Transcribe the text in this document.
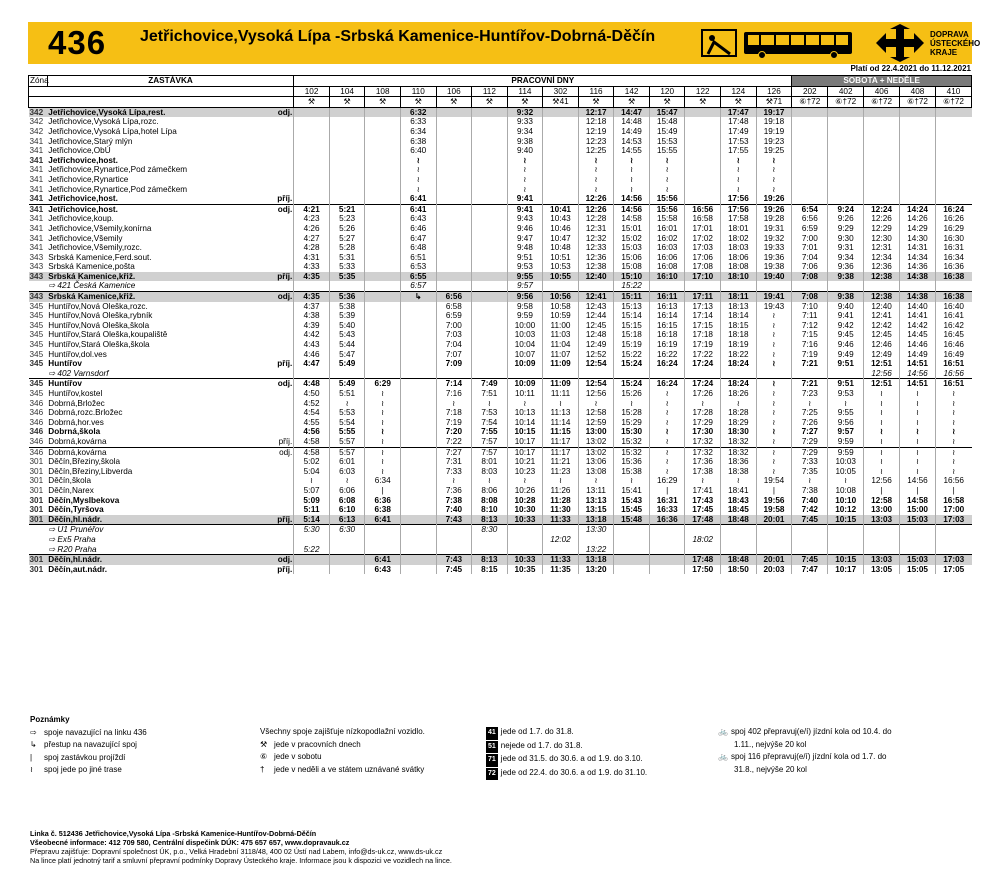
436 Jetřichovice,Vysoká Lípa -Srbská Kamenice-Huntířov-Dobrná-Děčín	DOPRAVA
ÚSTECKÉHO
KRAJE
Platí od 22.4.2021 do 11.12.2021
Zóna	ZASTÁVKA		PRACOVNÍ DNY														SOBOTA + NEDĚLE				
			102	104	108	110	106	112	114	302	116	142	120	122	124	126	202	402	406	408	410
			⚒	⚒	⚒	⚒	⚒	⚒	⚒	⚒41	⚒	⚒	⚒	⚒	⚒	⚒71	⑥†72	⑥†72	⑥†72	⑥†72	⑥†72
342	Jetřichovice,Vysoká Lípa,rest.	odj.				6:32			9:32		12:17	14:47	15:47		17:47	19:17					
342	Jetřichovice,Vysoká Lípa,rozc.					6:33			9:33		12:18	14:48	15:48		17:48	19:18					
342	Jetřichovice,Vysoká Lípa,hotel Lípa					6:34			9:34		12:19	14:49	15:49		17:49	19:19					
341	Jetřichovice,Starý mlýn					6:38			9:38		12:23	14:53	15:53		17:53	19:23					
341	Jetřichovice,ObÚ					6:40			9:40		12:25	14:55	15:55		17:55	19:25					
341	Jetřichovice,host.					≀			≀		≀	≀	≀		≀	≀					
341	Jetřichovice,Rynartice,Pod zámečkem					≀			≀		≀	≀	≀		≀	≀					
341	Jetřichovice,Rynartice					≀			≀		≀	≀	≀		≀	≀					
341	Jetřichovice,Rynartice,Pod zámečkem					≀			≀		≀	≀	≀		≀	≀					
341	Jetřichovice,host.	příj.				6:41			9:41		12:26	14:56	15:56		17:56	19:26					
341	Jetřichovice,host.	odj.	4:21	5:21		6:41			9:41	10:41	12:26	14:56	15:56	16:56	17:56	19:26	6:54	9:24	12:24	14:24	16:24
341	Jetřichovice,koup.		4:23	5:23		6:43			9:43	10:43	12:28	14:58	15:58	16:58	17:58	19:28	6:56	9:26	12:26	14:26	16:26
341	Jetřichovice,Všemily,konírna		4:26	5:26		6:46			9:46	10:46	12:31	15:01	16:01	17:01	18:01	19:31	6:59	9:29	12:29	14:29	16:29
341	Jetřichovice,Všemily		4:27	5:27		6:47			9:47	10:47	12:32	15:02	16:02	17:02	18:02	19:32	7:00	9:30	12:30	14:30	16:30
341	Jetřichovice,Všemily,rozc.		4:28	5:28		6:48			9:48	10:48	12:33	15:03	16:03	17:03	18:03	19:33	7:01	9:31	12:31	14:31	16:31
343	Srbská Kamenice,Ferd.sout.		4:31	5:31		6:51			9:51	10:51	12:36	15:06	16:06	17:06	18:06	19:36	7:04	9:34	12:34	14:34	16:34
343	Srbská Kamenice,pošta		4:33	5:33		6:53			9:53	10:53	12:38	15:08	16:08	17:08	18:08	19:38	7:06	9:36	12:36	14:36	16:36
343	Srbská Kamenice,křiž.	příj.	4:35	5:35		6:55			9:55	10:55	12:40	15:10	16:10	17:10	18:10	19:40	7:08	9:38	12:38	14:38	16:38
	⇨ 421 Česká Kamenice					6:57			9:57			15:22									
343	Srbská Kamenice,křiž.	odj.	4:35	5:36		↳	6:56		9:56	10:56	12:41	15:11	16:11	17:11	18:11	19:41	7:08	9:38	12:38	14:38	16:38
345	Huntířov,Nová Oleška,rozc.		4:37	5:38			6:58		9:58	10:58	12:43	15:13	16:13	17:13	18:13	19:43	7:10	9:40	12:40	14:40	16:40
345	Huntířov,Nová Oleška,rybník		4:38	5:39			6:59		9:59	10:59	12:44	15:14	16:14	17:14	18:14	≀	7:11	9:41	12:41	14:41	16:41
345	Huntířov,Nová Oleška,škola		4:39	5:40			7:00		10:00	11:00	12:45	15:15	16:15	17:15	18:15	≀	7:12	9:42	12:42	14:42	16:42
345	Huntířov,Stará Oleška,koupaliště		4:42	5:43			7:03		10:03	11:03	12:48	15:18	16:18	17:18	18:18	≀	7:15	9:45	12:45	14:45	16:45
345	Huntířov,Stará Oleška,škola		4:43	5:44			7:04		10:04	11:04	12:49	15:19	16:19	17:19	18:19	≀	7:16	9:46	12:46	14:46	16:46
345	Huntířov,dol.ves		4:46	5:47			7:07		10:07	11:07	12:52	15:22	16:22	17:22	18:22	≀	7:19	9:49	12:49	14:49	16:49
345	Huntířov	příj.	4:47	5:49			7:09		10:09	11:09	12:54	15:24	16:24	17:24	18:24	≀	7:21	9:51	12:51	14:51	16:51
	⇨ 402 Varnsdorf																		12:56	14:56	16:56
345	Huntířov	odj.	4:48	5:49	6:29		7:14	7:49	10:09	11:09	12:54	15:24	16:24	17:24	18:24	≀	7:21	9:51	12:51	14:51	16:51
345	Huntířov,kostel		4:50	5:51	≀		7:16	7:51	10:11	11:11	12:56	15:26	≀	17:26	18:26	≀	7:23	9:53	≀	≀	≀
346	Dobrná,Brložec		4:52	≀	≀		≀	≀	≀	≀	≀	≀	≀	≀	≀	≀	≀	≀	≀	≀	≀
346	Dobrná,rozc.Brložec		4:54	5:53	≀		7:18	7:53	10:13	11:13	12:58	15:28	≀	17:28	18:28	≀	7:25	9:55	≀	≀	≀
346	Dobrná,hor.ves		4:55	5:54	≀		7:19	7:54	10:14	11:14	12:59	15:29	≀	17:29	18:29	≀	7:26	9:56	≀	≀	≀
346	Dobrná,škola		4:56	5:55	≀		7:20	7:55	10:15	11:15	13:00	15:30	≀	17:30	18:30	≀	7:27	9:57	≀	≀	≀
346	Dobrná,kovárna	příj.	4:58	5:57	≀		7:22	7:57	10:17	11:17	13:02	15:32	≀	17:32	18:32	≀	7:29	9:59	≀	≀	≀
346	Dobrná,kovárna	odj.	4:58	5:57	≀		7:27	7:57	10:17	11:17	13:02	15:32	≀	17:32	18:32	≀	7:29	9:59	≀	≀	≀
301	Děčín,Březiny,škola		5:02	6:01	≀		7:31	8:01	10:21	11:21	13:06	15:36	≀	17:36	18:36	≀	7:33	10:03	≀	≀	≀
301	Děčín,Březiny,Libverda		5:04	6:03	≀		7:33	8:03	10:23	11:23	13:08	15:38	≀	17:38	18:38	≀	7:35	10:05	≀	≀	≀
301	Děčín,škola		≀	≀	6:34		≀	≀	≀	≀	≀	≀	16:29	≀	≀	19:54	≀	≀	12:56	14:56	16:56
301	Děčín,Narex		5:07	6:06	|		7:36	8:06	10:26	11:26	13:11	15:41	|	17:41	18:41	|	7:38	10:08	|	|	|
301	Děčín,Myslbekova		5:09	6:08	6:36		7:38	8:08	10:28	11:28	13:13	15:43	16:31	17:43	18:43	19:56	7:40	10:10	12:58	14:58	16:58
301	Děčín,Tyršova		5:11	6:10	6:38		7:40	8:10	10:30	11:30	13:15	15:45	16:33	17:45	18:45	19:58	7:42	10:12	13:00	15:00	17:00
301	Děčín,hl.nádr.	příj.	5:14	6:13	6:41		7:43	8:13	10:33	11:33	13:18	15:48	16:36	17:48	18:48	20:01	7:45	10:15	13:03	15:03	17:03
	⇨ U1 Prunéřov		5:30	6:30				8:30			13:30										
	⇨ Ex5 Praha									12:02				18:02							
	⇨ R20 Praha		5:22								13:22										
301	Děčín,hl.nádr.	odj.			6:41		7:43	8:13	10:33	11:33	13:18			17:48	18:48	20:01	7:45	10:15	13:03	15:03	17:03
301	Děčín,aut.nádr.	příj.			6:43		7:45	8:15	10:35	11:35	13:20			17:50	18:50	20:03	7:47	10:17	13:05	15:05	17:05
Poznámky
⇨ spoje navazující na linku 436
↳ přestup na navazující spoj
| spoj zastávkou projíždí
≀ spoj jede po jiné trase
Všechny spoje zajišťuje nízkopodlažní vozidlo.
⚒ jede v pracovních dnech
⑥ jede v sobotu
† jede v neděli a ve státem uznávané svátky
41 jede od 1.7. do 31.8.
51 nejede od 1.7. do 31.8.
71 jede od 31.5. do 30.6. a od 1.9. do 3.10.
72 jede od 22.4. do 30.6. a od 1.9. do 31.10.
🚲 spoj 402 přepravuj(e/í) jízdní kola od 10.4. do
1.11., nejvýše 20 kol
🚲 spoj 116 přepravuj(e/í) jízdní kola od 1.7. do
31.8., nejvýše 20 kol
Linka č. 512436 Jetřichovice,Vysoká Lípa -Srbská Kamenice-Huntířov-Dobrná-Děčín
Všeobecné informace: 412 709 580, Centrální dispečink DÚK: 475 657 657, www.dopravauk.cz
Přepravu zajišťuje: Dopravní společnost ÚK, p.o., Velká Hradební 3118/48, 400 02 Ústí nad Labem, info@ds-uk.cz, www.ds-uk.cz
Na lince platí jednotný tarif a smluvní přepravní podmínky Dopravy Ústeckého kraje. Informace jsou k dispozici ve vozidlech na lince.
